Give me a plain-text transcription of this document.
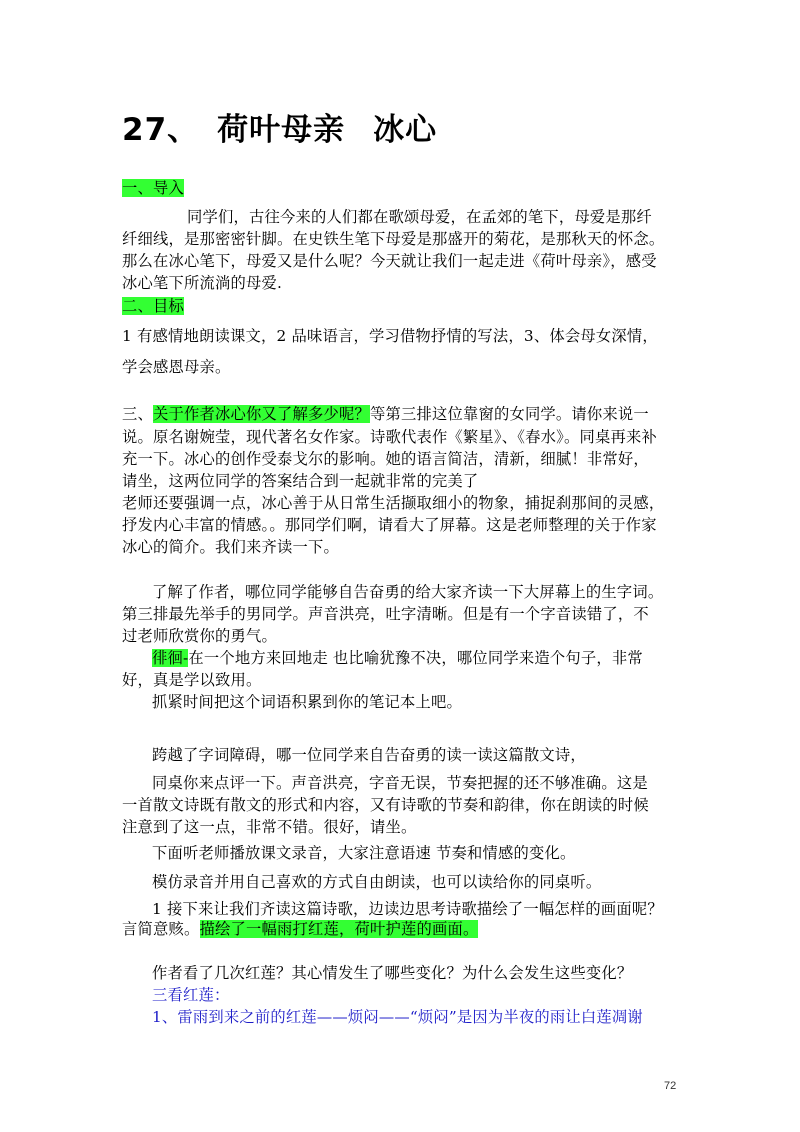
27、 荷叶母亲 冰心
一、导入
同学们，古往今来的人们都在歌颂母爱，在孟郊的笔下，母爱是那纤
纤细线，是那密密针脚。在史铁生笔下母爱是那盛开的菊花，是那秋天的怀念。
那么在冰心笔下，母爱又是什么呢？今天就让我们一起走进《荷叶母亲》，感受
冰心笔下所流淌的母爱.
二、目标
1 有感情地朗读课文，2 品味语言，学习借物抒情的写法，3、体会母女深情，
学会感恩母亲。
三、关于作者冰心你又了解多少呢？等第三排这位靠窗的女同学。请你来说一
说。原名谢婉莹，现代著名女作家。诗歌代表作《繁星》、《春水》。同桌再来补
充一下。冰心的创作受泰戈尔的影响。她的语言简洁，清新，细腻！非常好，
请坐，这两位同学的答案结合到一起就非常的完美了
老师还要强调一点，冰心善于从日常生活撷取细小的物象，捕捉刹那间的灵感，
抒发内心丰富的情感。。那同学们啊，请看大了屏幕。这是老师整理的关于作家
冰心的简介。我们来齐读一下。
了解了作者，哪位同学能够自告奋勇的给大家齐读一下大屏幕上的生字词。
第三排最先举手的男同学。声音洪亮，吐字清晰。但是有一个字音读错了，不
过老师欣赏你的勇气。
徘徊-在一个地方来回地走 也比喻犹豫不决，哪位同学来造个句子，非常
好，真是学以致用。
抓紧时间把这个词语积累到你的笔记本上吧。
跨越了字词障碍，哪一位同学来自告奋勇的读一读这篇散文诗，
同桌你来点评一下。声音洪亮，字音无误，节奏把握的还不够准确。这是
一首散文诗既有散文的形式和内容，又有诗歌的节奏和韵律，你在朗读的时候
注意到了这一点，非常不错。很好，请坐。
下面听老师播放课文录音，大家注意语速 节奏和情感的变化。
模仿录音并用自己喜欢的方式自由朗读，也可以读给你的同桌听。
1 接下来让我们齐读这篇诗歌，边读边思考诗歌描绘了一幅怎样的画面呢？
言简意赅。描绘了一幅雨打红莲，荷叶护莲的画面。
作者看了几次红莲？其心情发生了哪些变化？为什么会发生这些变化？
三看红莲：
1、雷雨到来之前的红莲——烦闷——“烦闷”是因为半夜的雨让白莲凋谢
72
